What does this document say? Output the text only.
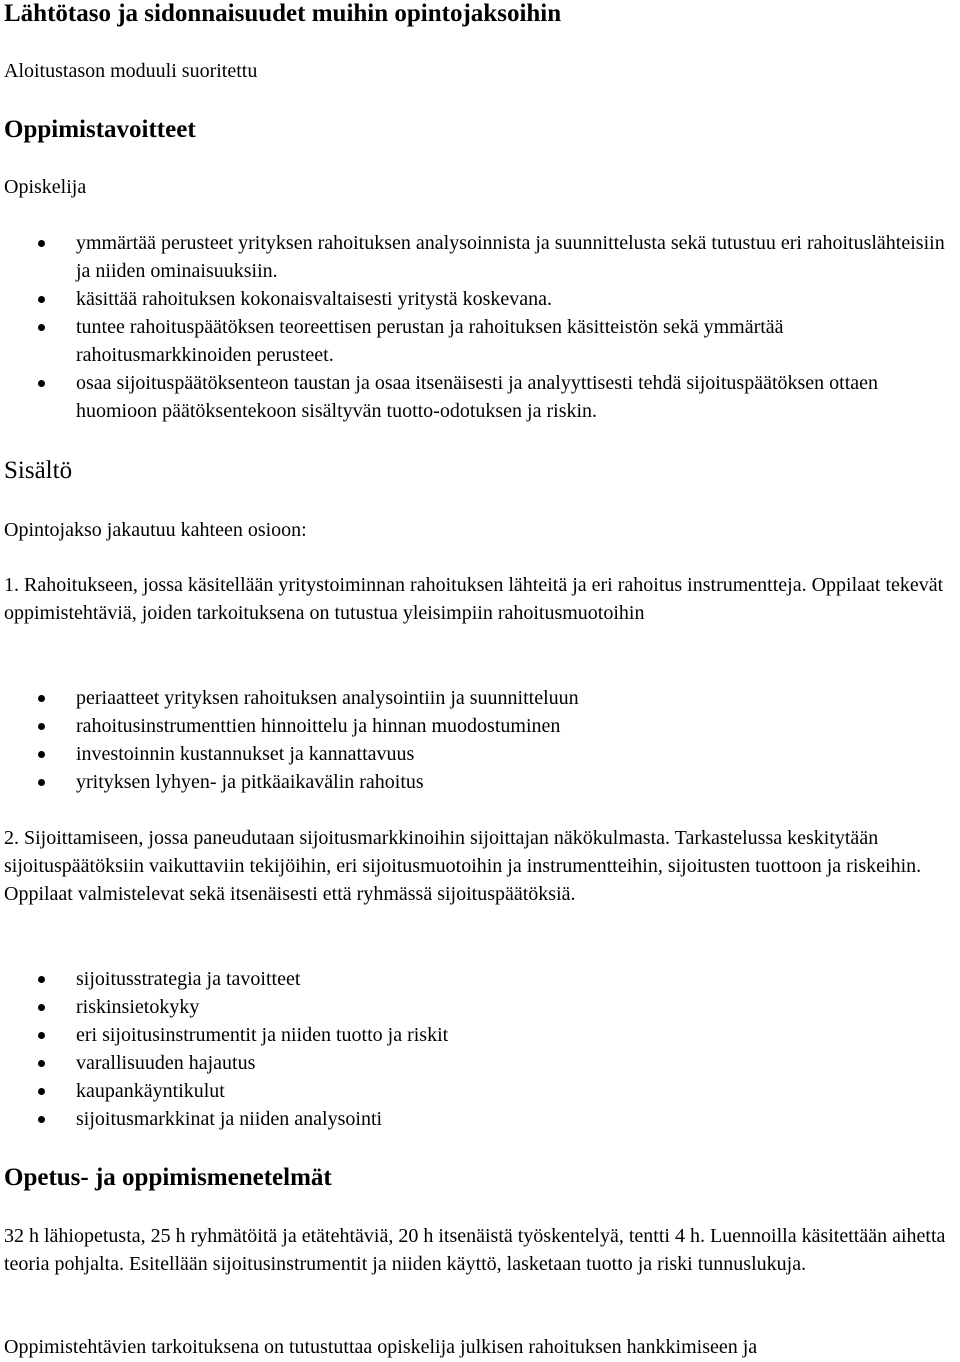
Lähtötaso ja sidonnaisuudet muihin opintojaksoihin

Aloitustason moduuli suoritettu

Oppimistavoitteet

Opiskelija

ymmärtää perusteet yrityksen rahoituksen analysoinnista ja suunnittelusta sekä tutustuu eri rahoituslähteisiin ja niiden ominaisuuksiin.
käsittää rahoituksen kokonaisvaltaisesti yritystä koskevana.
tuntee rahoituspäätöksen teoreettisen perustan ja rahoituksen käsitteistön sekä ymmärtää rahoitusmarkkinoiden perusteet.
osaa sijoituspäätöksenteon taustan ja osaa itsenäisesti ja analyyttisesti tehdä sijoituspäätöksen ottaen huomioon päätöksentekoon sisältyvän tuotto-odotuksen ja riskin.
Sisältö

Opintojakso jakautuu kahteen osioon:

1. Rahoitukseen, jossa käsitellään yritystoiminnan rahoituksen lähteitä ja eri rahoitus instrumentteja. Oppilaat tekevät oppimistehtäviä, joiden tarkoituksena on tutustua yleisimpiin rahoitusmuotoihin

periaatteet yrityksen rahoituksen analysointiin ja suunnitteluun
rahoitusinstrumenttien hinnoittelu ja hinnan muodostuminen
investoinnin kustannukset ja kannattavuus
yrityksen lyhyen- ja pitkäaikavälin rahoitus

2. Sijoittamiseen, jossa paneudutaan sijoitusmarkkinoihin sijoittajan näkökulmasta. Tarkastelussa keskitytään sijoituspäätöksiin vaikuttaviin tekijöihin, eri sijoitusmuotoihin ja instrumentteihin, sijoitusten tuottoon ja riskeihin. Oppilaat valmistelevat sekä itsenäisesti että ryhmässä sijoituspäätöksiä.

sijoitusstrategia ja tavoitteet
riskinsietokyky
eri sijoitusinstrumentit ja niiden tuotto ja riskit
varallisuuden hajautus
kaupankäyntikulut
sijoitusmarkkinat ja niiden analysointi
Opetus- ja oppimismenetelmät

32 h lähiopetusta, 25 h ryhmätöitä ja etätehtäviä, 20 h itsenäistä työskentelyä, tentti 4 h. Luennoilla käsitettään aihetta teoria pohjalta. Esitellään sijoitusinstrumentit ja niiden käyttö, lasketaan tuotto ja riski tunnuslukuja.

Oppimistehtävien tarkoituksena on tutustuttaa opiskelija julkisen rahoituksen hankkimiseen ja
